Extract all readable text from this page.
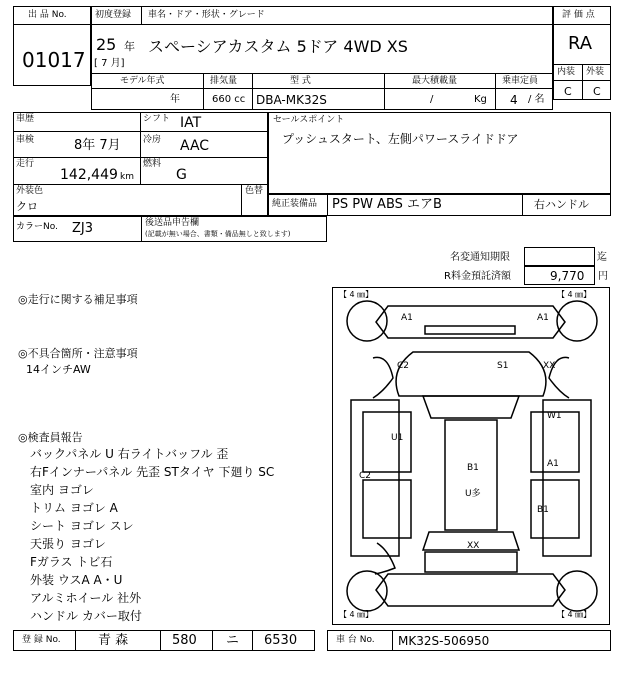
出 品 No.
01017
初度登録 車名・ドア・形状・グレード
25 年
[ 7 月]
スペーシアカスタム 5ドア 4WD XS
モデル年式	排気量	型 式	最大積載量	乗車定員
年	660 cc DBA-MK32S	/	Kg 4 / 名
評 価 点
RA
内装 外装
C C
車歴	シフト IAT
車検	8年 7月 冷房 AAC
走行
142,449 km
燃料
G
外装色
クロ
色替
セールスポイント
プッシュスタート、左側パワースライドドア
純正装備品 PS PW ABS エアB	右ハンドル
カラーNo. ZJ3	後送品申告欄
(記載が無い場合、書類・備品無しと致します)
名変通知期限	迄
R料金預託済額	9,770 円
◎走行に関する補足事項
◎不具合箇所・注意事項
14インチAW
◎検査員報告
バックパネル U 右ライトバッフル 歪
右Fインナーパネル 先歪 STタイヤ 下廻り SC
室内 ヨゴレ
トリム ヨゴレ A
シート ヨゴレ スレ
天張り ヨゴレ
Fガラス トビ石
外装 ウスA A・U
アルミホイール 社外
ハンドル カバー取付
【 4 ㎜】	【 4 ㎜】
【 4 ㎜】	【 4 ㎜】
A1	A1
C2	S1	XX
W1
U1
A1
C2
B1
U多
B1
XX
登 録 No.	青 森	580 ニ 6530	車 台 No. MK32S-506950
